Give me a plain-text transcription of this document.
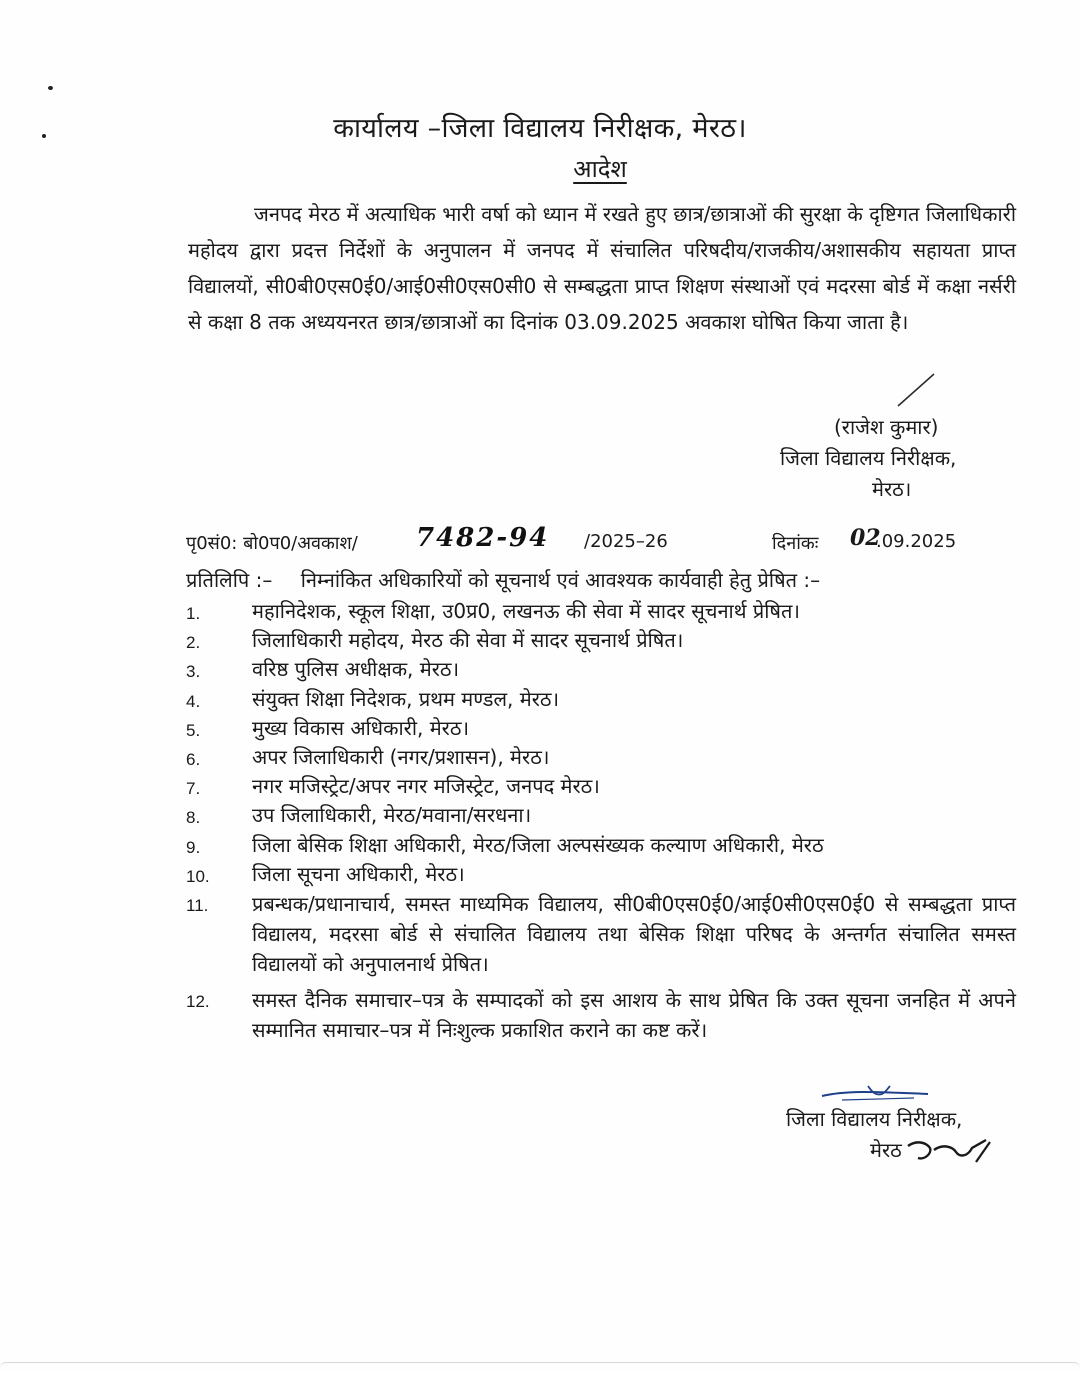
कार्यालय –जिला विद्यालय निरीक्षक, मेरठ।
आदेश
जनपद मेरठ में अत्याधिक भारी वर्षा को ध्यान में रखते हुए छात्र/छात्राओं की सुरक्षा के दृष्टिगत जिलाधिकारी महोदय द्वारा प्रदत्त निर्देशों के अनुपालन में जनपद में संचालित परिषदीय/राजकीय/अशासकीय सहायता प्राप्त विद्यालयों, सी0बी0एस0ई0/आई0सी0एस0सी0 से सम्बद्धता प्राप्त शिक्षण संस्थाओं एवं मदरसा बोर्ड में कक्षा नर्सरी से कक्षा 8 तक अध्ययनरत छात्र/छात्राओं का दिनांक 03.09.2025 अवकाश घोषित किया जाता है।
(राजेश कुमार)
जिला विद्यालय निरीक्षक,
मेरठ।
पृ0सं0: बो0प0/अवकाश/ 7482-94 /2025–26	दिनांकः 02
.09.2025
प्रतिलिपि :– निम्नांकित अधिकारियों को सूचनार्थ एवं आवश्यक कार्यवाही हेतु प्रेषित :–
1.	महानिदेशक, स्कूल शिक्षा, उ0प्र0, लखनऊ की सेवा में सादर सूचनार्थ प्रेषित।
2.	जिलाधिकारी महोदय, मेरठ की सेवा में सादर सूचनार्थ प्रेषित।
3.	वरिष्ठ पुलिस अधीक्षक, मेरठ।
4.	संयुक्त शिक्षा निदेशक, प्रथम मण्डल, मेरठ।
5.	मुख्य विकास अधिकारी, मेरठ।
6.	अपर जिलाधिकारी (नगर/प्रशासन), मेरठ।
7.	नगर मजिस्ट्रेट/अपर नगर मजिस्ट्रेट, जनपद मेरठ।
8.	उप जिलाधिकारी, मेरठ/मवाना/सरधना।
9.	जिला बेसिक शिक्षा अधिकारी, मेरठ/जिला अल्पसंख्यक कल्याण अधिकारी, मेरठ
10. जिला सूचना अधिकारी, मेरठ।
11. प्रबन्धक/प्रधानाचार्य, समस्त माध्यमिक विद्यालय, सी0बी0एस0ई0/आई0सी0एस0ई0 से सम्बद्धता प्राप्त विद्यालय, मदरसा बोर्ड से संचालित विद्यालय तथा बेसिक शिक्षा परिषद के अन्तर्गत संचालित समस्त विद्यालयों को अनुपालनार्थ प्रेषित।
12. समस्त दैनिक समाचार–पत्र के सम्पादकों को इस आशय के साथ प्रेषित कि उक्त सूचना जनहित में अपने सम्मानित समाचार–पत्र में निःशुल्क प्रकाशित कराने का कष्ट करें।
जिला विद्यालय निरीक्षक,
मेरठ
